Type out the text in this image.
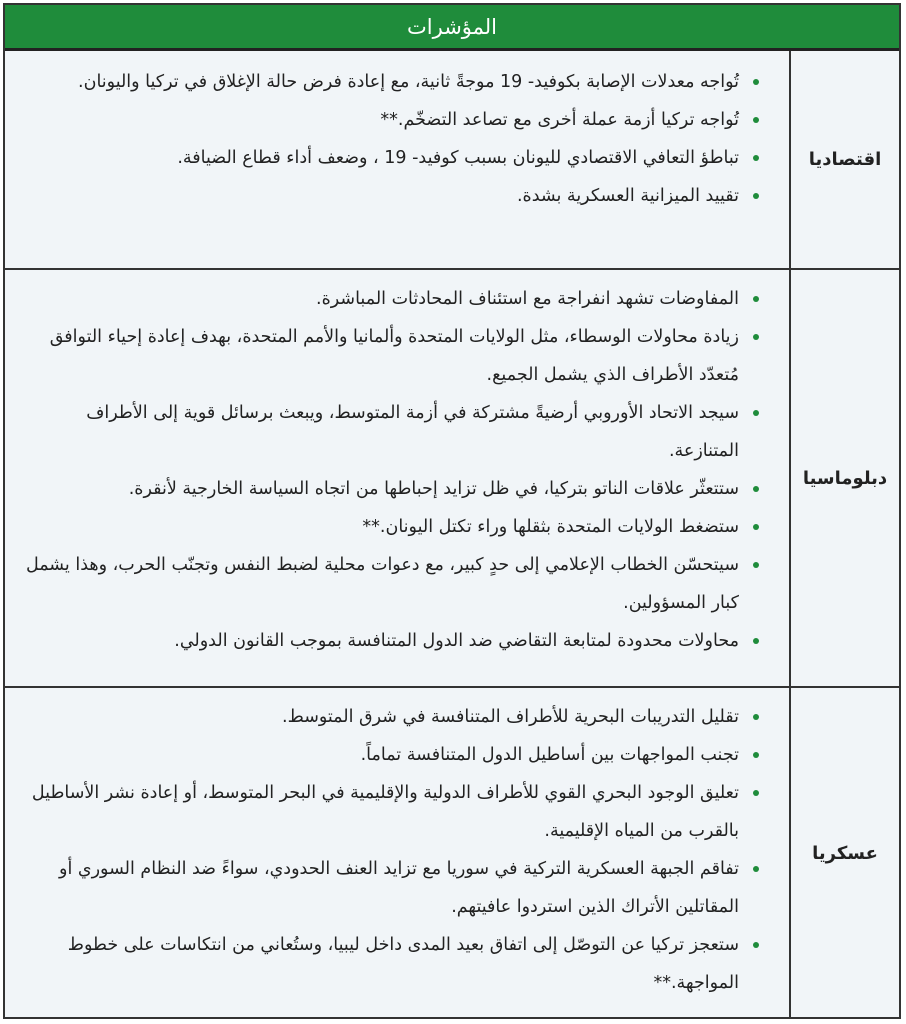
المؤشرات
اقتصاديا
تُواجه معدلات الإصابة بكوفيد- 19 موجةً ثانية، مع إعادة فرض حالة الإغلاق في تركيا واليونان.
تُواجه تركيا أزمة عملة أخرى مع تصاعد التضخّم.**
تباطؤ التعافي الاقتصادي لليونان بسبب كوفيد- 19 ، وضعف أداء قطاع الضيافة.
تقييد الميزانية العسكرية بشدة.
دبلوماسيا
المفاوضات تشهد انفراجة مع استئناف المحادثات المباشرة.
زيادة محاولات الوسطاء، مثل الولايات المتحدة وألمانيا والأمم المتحدة، بهدف إعادة إحياء التوافق مُتعدّد الأطراف الذي يشمل الجميع.
سيجد الاتحاد الأوروبي أرضيةً مشتركة في أزمة المتوسط، ويبعث برسائل قوية إلى الأطراف المتنازعة.
ستتعثّر علاقات الناتو بتركيا، في ظل تزايد إحباطها من اتجاه السياسة الخارجية لأنقرة.
ستضغط الولايات المتحدة بثقلها وراء تكتل اليونان.**
سيتحسّن الخطاب الإعلامي إلى حدٍ كبير، مع دعوات محلية لضبط النفس وتجنّب الحرب، وهذا يشمل كبار المسؤولين.
محاولات محدودة لمتابعة التقاضي ضد الدول المتنافسة بموجب القانون الدولي.
عسكريا
تقليل التدريبات البحرية للأطراف المتنافسة في شرق المتوسط.
تجنب المواجهات بين أساطيل الدول المتنافسة تماماً.
تعليق الوجود البحري القوي للأطراف الدولية والإقليمية في البحر المتوسط، أو إعادة نشر الأساطيل بالقرب من المياه الإقليمية.
تفاقم الجبهة العسكرية التركية في سوريا مع تزايد العنف الحدودي، سواءً ضد النظام السوري أو المقاتلين الأتراك الذين استردوا عافيتهم.
ستعجز تركيا عن التوصّل إلى اتفاق بعيد المدى داخل ليبيا، وستُعاني من انتكاسات على خطوط المواجهة.**
